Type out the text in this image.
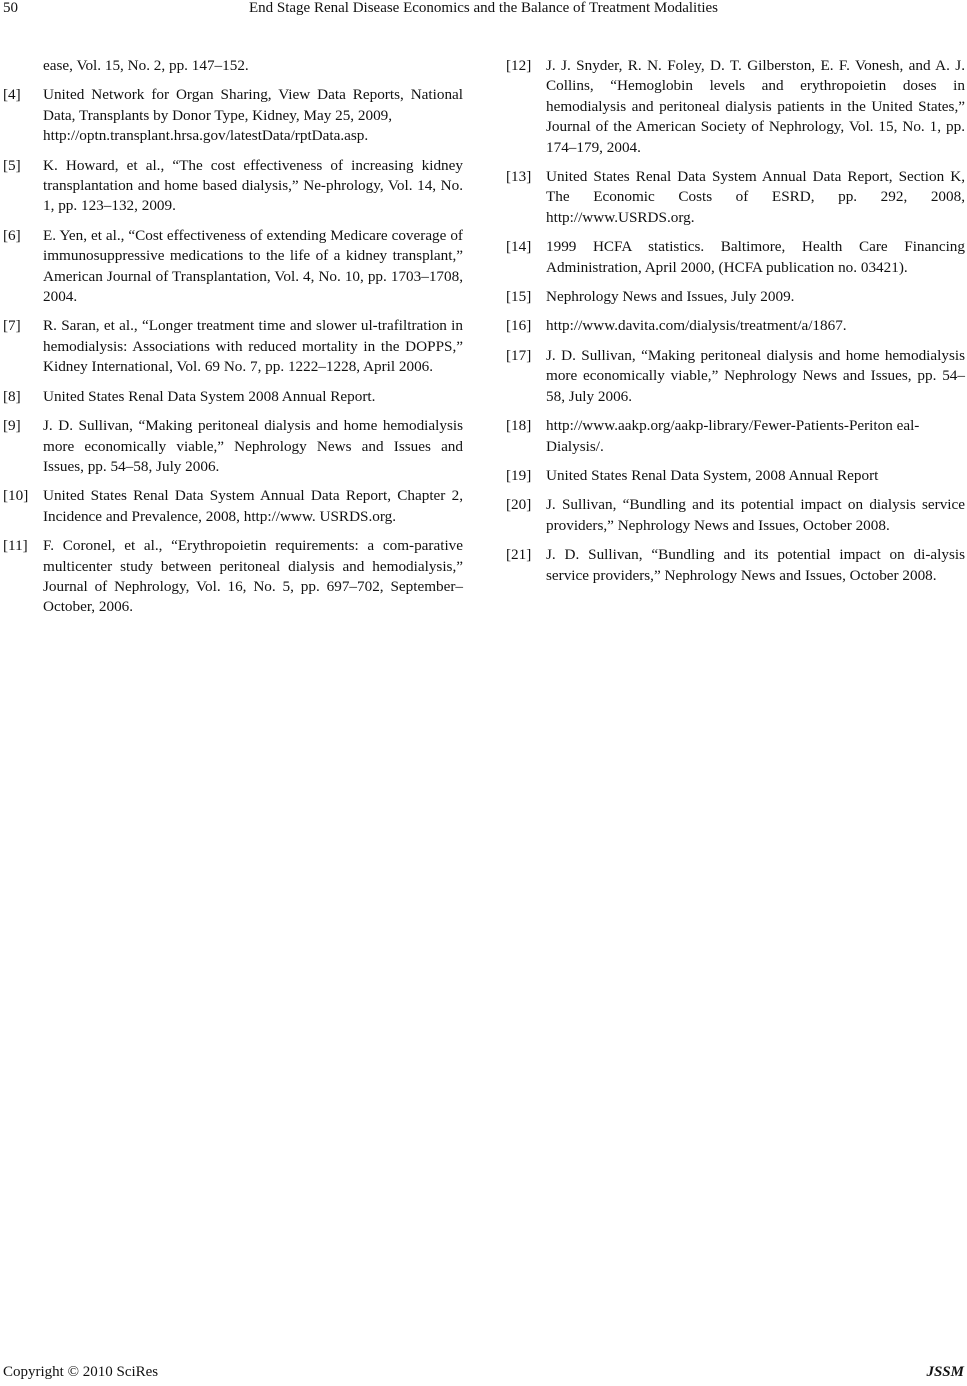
50	End Stage Renal Disease Economics and the Balance of Treatment Modalities
ease, Vol. 15, No. 2, pp. 147–152.
[4] United Network for Organ Sharing, View Data Reports, National Data, Transplants by Donor Type, Kidney, May 25, 2009,
http://optn.transplant.hrsa.gov/latestData/rptData.asp.
[5] K. Howard, et al., “The cost effectiveness of increasing kidney transplantation and home based dialysis,” Ne-phrology, Vol. 14, No. 1, pp. 123–132, 2009.
[6] E. Yen, et al., “Cost effectiveness of extending Medicare coverage of immunosuppressive medications to the life of a kidney transplant,” American Journal of Transplantation, Vol. 4, No. 10, pp. 1703–1708, 2004.
[7] R. Saran, et al., “Longer treatment time and slower ul-trafiltration in hemodialysis: Associations with reduced mortality in the DOPPS,” Kidney International, Vol. 69 No. 7, pp. 1222–1228, April 2006.
[8] United States Renal Data System 2008 Annual Report.
[9] J. D. Sullivan, “Making peritoneal dialysis and home hemodialysis more economically viable,” Nephrology News and Issues and Issues, pp. 54–58, July 2006.
[10] United States Renal Data System Annual Data Report, Chapter 2, Incidence and Prevalence, 2008, http://www. USRDS.org.
[11] F. Coronel, et al., “Erythropoietin requirements: a com-parative multicenter study between peritoneal dialysis and hemodialysis,” Journal of Nephrology, Vol. 16, No. 5, pp. 697–702, September–October, 2006.
[12] J. J. Snyder, R. N. Foley, D. T. Gilberston, E. F. Vonesh, and A. J. Collins, “Hemoglobin levels and erythropoietin doses in hemodialysis and peritoneal dialysis patients in the United States,” Journal of the American Society of Nephrology, Vol. 15, No. 1, pp. 174–179, 2004.
[13] United States Renal Data System Annual Data Report, Section K, The Economic Costs of ESRD, pp. 292, 2008, http://www.USRDS.org.
[14] 1999 HCFA statistics. Baltimore, Health Care Financing Administration, April 2000, (HCFA publication no. 03421).
[15] Nephrology News and Issues, July 2009.
[16] http://www.davita.com/dialysis/treatment/a/1867.
[17] J. D. Sullivan, “Making peritoneal dialysis and home hemodialysis more economically viable,” Nephrology News and Issues, pp. 54–58, July 2006.
[18] http://www.aakp.org/aakp-library/Fewer-Patients-Periton eal-Dialysis/.
[19] United States Renal Data System, 2008 Annual Report
[20] J. Sullivan, “Bundling and its potential impact on dialysis service providers,” Nephrology News and Issues, October 2008.
[21] J. D. Sullivan, “Bundling and its potential impact on di-alysis service providers,” Nephrology News and Issues, October 2008.
Copyright © 2010 SciRes	JSSM
